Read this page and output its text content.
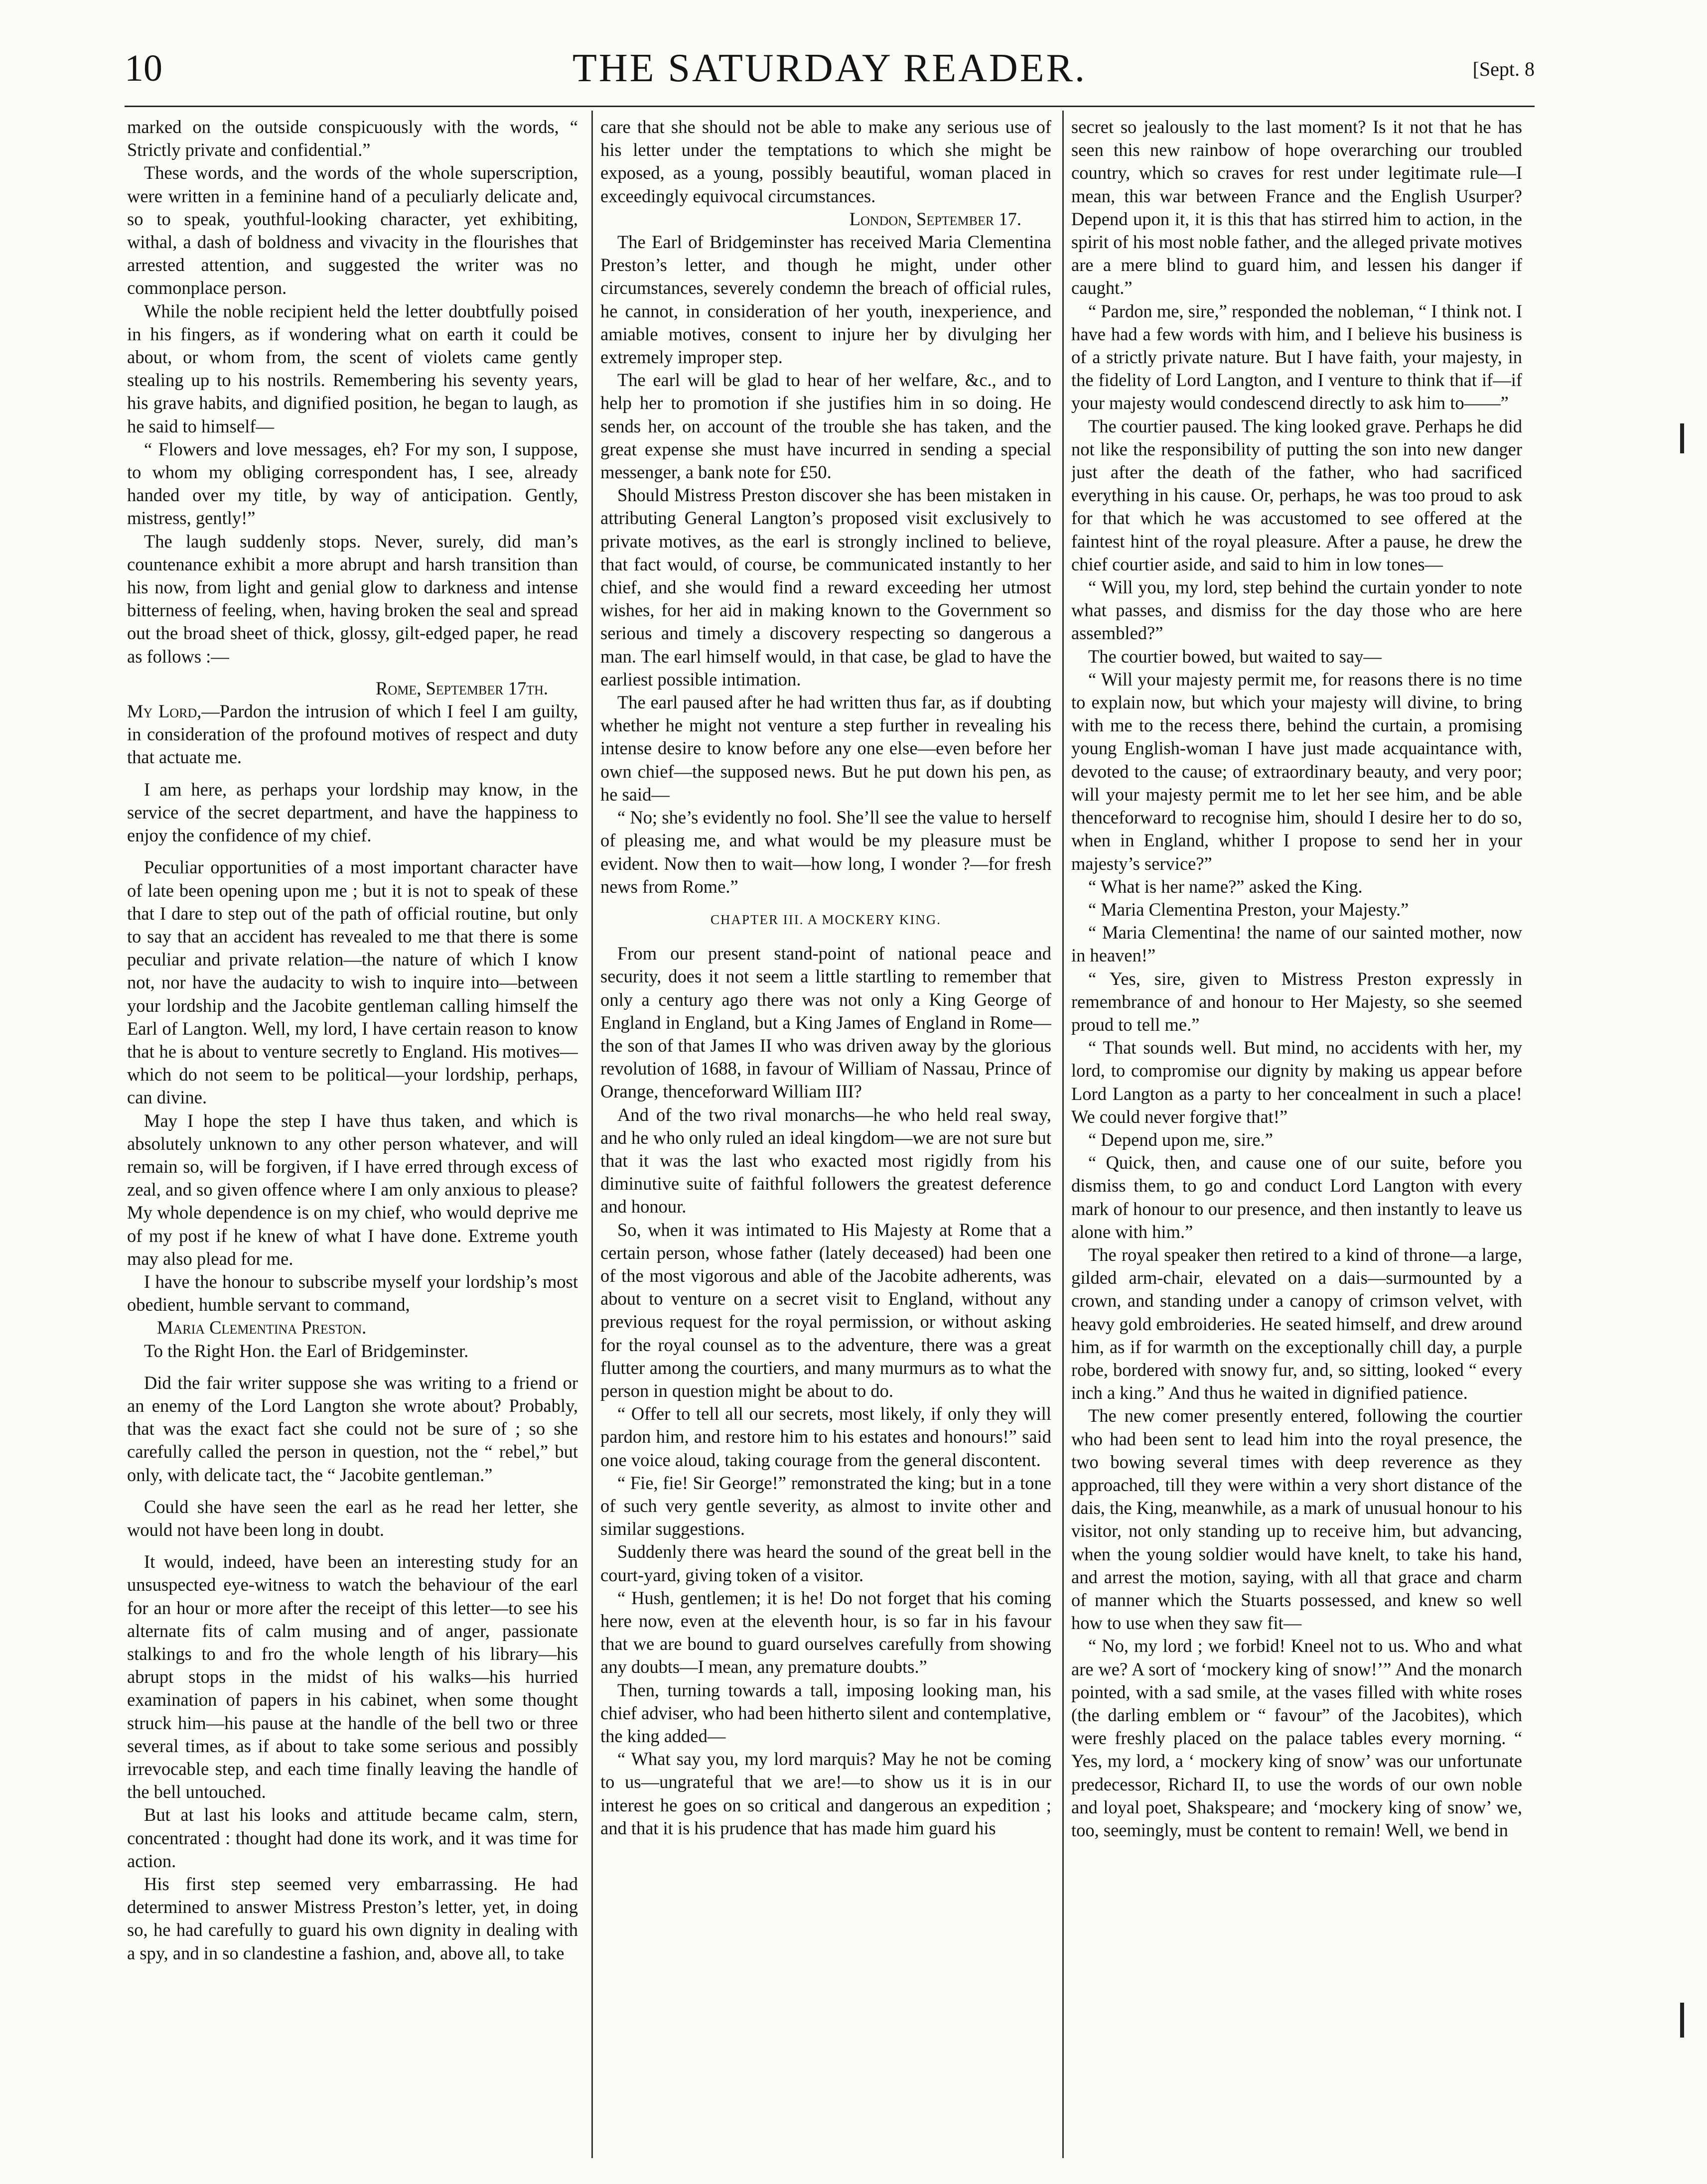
10	THE SATURDAY READER.	[Sept. 8

marked on the outside conspicuously with the words, “ Strictly private and confidential.”

These words, and the words of the whole superscription, were written in a feminine hand of a peculiarly delicate and, so to speak, youthful-looking character, yet exhibiting, withal, a dash of boldness and vivacity in the flourishes that arrested attention, and suggested the writer was no commonplace person.

While the noble recipient held the letter doubtfully poised in his fingers, as if wondering what on earth it could be about, or whom from, the scent of violets came gently stealing up to his nostrils. Remembering his seventy years, his grave habits, and dignified position, he began to laugh, as he said to himself—

“ Flowers and love messages, eh? For my son, I suppose, to whom my obliging correspondent has, I see, already handed over my title, by way of anticipation. Gently, mistress, gently!”

The laugh suddenly stops. Never, surely, did man’s countenance exhibit a more abrupt and harsh transition than his now, from light and genial glow to darkness and intense bitterness of feeling, when, having broken the seal and spread out the broad sheet of thick, glossy, gilt-edged paper, he read as follows :—

Rome, September 17th.

My Lord,—Pardon the intrusion of which I feel I am guilty, in consideration of the profound motives of respect and duty that actuate me.

I am here, as perhaps your lordship may know, in the service of the secret department, and have the happiness to enjoy the confidence of my chief.

Peculiar opportunities of a most important character have of late been opening upon me ; but it is not to speak of these that I dare to step out of the path of official routine, but only to say that an accident has revealed to me that there is some peculiar and private relation—the nature of which I know not, nor have the audacity to wish to inquire into—between your lordship and the Jacobite gentleman calling himself the Earl of Langton. Well, my lord, I have certain reason to know that he is about to venture secretly to England. His motives—which do not seem to be political—your lordship, perhaps, can divine.

May I hope the step I have thus taken, and which is absolutely unknown to any other person whatever, and will remain so, will be forgiven, if I have erred through excess of zeal, and so given offence where I am only anxious to please? My whole dependence is on my chief, who would deprive me of my post if he knew of what I have done. Extreme youth may also plead for me.

I have the honour to subscribe myself your lordship’s most obedient, humble servant to command,

Maria Clementina Preston.

To the Right Hon. the Earl of Bridgeminster.

Did the fair writer suppose she was writing to a friend or an enemy of the Lord Langton she wrote about? Probably, that was the exact fact she could not be sure of ; so she carefully called the person in question, not the “ rebel,” but only, with delicate tact, the “ Jacobite gentleman.”

Could she have seen the earl as he read her letter, she would not have been long in doubt.

It would, indeed, have been an interesting study for an unsuspected eye-witness to watch the behaviour of the earl for an hour or more after the receipt of this letter—to see his alternate fits of calm musing and of anger, passionate stalkings to and fro the whole length of his library—his abrupt stops in the midst of his walks—his hurried examination of papers in his cabinet, when some thought struck him—his pause at the handle of the bell two or three several times, as if about to take some serious and possibly irrevocable step, and each time finally leaving the handle of the bell untouched.

But at last his looks and attitude became calm, stern, concentrated : thought had done its work, and it was time for action.

His first step seemed very embarrassing. He had determined to answer Mistress Preston’s letter, yet, in doing so, he had carefully to guard his own dignity in dealing with a spy, and in so clandestine a fashion, and, above all, to take

care that she should not be able to make any serious use of his letter under the temptations to which she might be exposed, as a young, possibly beautiful, woman placed in exceedingly equivocal circumstances.

London, September 17.

The Earl of Bridgeminster has received Maria Clementina Preston’s letter, and though he might, under other circumstances, severely condemn the breach of official rules, he cannot, in consideration of her youth, inexperience, and amiable motives, consent to injure her by divulging her extremely improper step.

The earl will be glad to hear of her welfare, &c., and to help her to promotion if she justifies him in so doing. He sends her, on account of the trouble she has taken, and the great expense she must have incurred in sending a special messenger, a bank note for £50.

Should Mistress Preston discover she has been mistaken in attributing General Langton’s proposed visit exclusively to private motives, as the earl is strongly inclined to believe, that fact would, of course, be communicated instantly to her chief, and she would find a reward exceeding her utmost wishes, for her aid in making known to the Government so serious and timely a discovery respecting so dangerous a man. The earl himself would, in that case, be glad to have the earliest possible intimation.

The earl paused after he had written thus far, as if doubting whether he might not venture a step further in revealing his intense desire to know before any one else—even before her own chief—the supposed news. But he put down his pen, as he said—

“ No; she’s evidently no fool. She’ll see the value to herself of pleasing me, and what would be my pleasure must be evident. Now then to wait—how long, I wonder ?—for fresh news from Rome.”

CHAPTER III. A MOCKERY KING.

From our present stand-point of national peace and security, does it not seem a little startling to remember that only a century ago there was not only a King George of England in England, but a King James of England in Rome—the son of that James II who was driven away by the glorious revolution of 1688, in favour of William of Nassau, Prince of Orange, thenceforward William III?

And of the two rival monarchs—he who held real sway, and he who only ruled an ideal kingdom—we are not sure but that it was the last who exacted most rigidly from his diminutive suite of faithful followers the greatest deference and honour.

So, when it was intimated to His Majesty at Rome that a certain person, whose father (lately deceased) had been one of the most vigorous and able of the Jacobite adherents, was about to venture on a secret visit to England, without any previous request for the royal permission, or without asking for the royal counsel as to the adventure, there was a great flutter among the courtiers, and many murmurs as to what the person in question might be about to do.

“ Offer to tell all our secrets, most likely, if only they will pardon him, and restore him to his estates and honours!” said one voice aloud, taking courage from the general discontent.

“ Fie, fie! Sir George!” remonstrated the king; but in a tone of such very gentle severity, as almost to invite other and similar suggestions.

Suddenly there was heard the sound of the great bell in the court-yard, giving token of a visitor.

“ Hush, gentlemen; it is he! Do not forget that his coming here now, even at the eleventh hour, is so far in his favour that we are bound to guard ourselves carefully from showing any doubts—I mean, any premature doubts.”

Then, turning towards a tall, imposing looking man, his chief adviser, who had been hitherto silent and contemplative, the king added—

“ What say you, my lord marquis? May he not be coming to us—ungrateful that we are!—to show us it is in our interest he goes on so critical and dangerous an expedition ; and that it is his prudence that has made him guard his

secret so jealously to the last moment? Is it not that he has seen this new rainbow of hope overarching our troubled country, which so craves for rest under legitimate rule—I mean, this war between France and the English Usurper? Depend upon it, it is this that has stirred him to action, in the spirit of his most noble father, and the alleged private motives are a mere blind to guard him, and lessen his danger if caught.”

“ Pardon me, sire,” responded the nobleman, “ I think not. I have had a few words with him, and I believe his business is of a strictly private nature. But I have faith, your majesty, in the fidelity of Lord Langton, and I venture to think that if—if your majesty would condescend directly to ask him to——”

The courtier paused. The king looked grave. Perhaps he did not like the responsibility of putting the son into new danger just after the death of the father, who had sacrificed everything in his cause. Or, perhaps, he was too proud to ask for that which he was accustomed to see offered at the faintest hint of the royal pleasure. After a pause, he drew the chief courtier aside, and said to him in low tones—

“ Will you, my lord, step behind the curtain yonder to note what passes, and dismiss for the day those who are here assembled?”

The courtier bowed, but waited to say—

“ Will your majesty permit me, for reasons there is no time to explain now, but which your majesty will divine, to bring with me to the recess there, behind the curtain, a promising young English-woman I have just made acquaintance with, devoted to the cause; of extraordinary beauty, and very poor; will your majesty permit me to let her see him, and be able thenceforward to recognise him, should I desire her to do so, when in England, whither I propose to send her in your majesty’s service?”

“ What is her name?” asked the King.

“ Maria Clementina Preston, your Majesty.”

“ Maria Clementina! the name of our sainted mother, now in heaven!”

“ Yes, sire, given to Mistress Preston expressly in remembrance of and honour to Her Majesty, so she seemed proud to tell me.”

“ That sounds well. But mind, no accidents with her, my lord, to compromise our dignity by making us appear before Lord Langton as a party to her concealment in such a place! We could never forgive that!”

“ Depend upon me, sire.”

“ Quick, then, and cause one of our suite, before you dismiss them, to go and conduct Lord Langton with every mark of honour to our presence, and then instantly to leave us alone with him.”

The royal speaker then retired to a kind of throne—a large, gilded arm-chair, elevated on a dais—surmounted by a crown, and standing under a canopy of crimson velvet, with heavy gold embroideries. He seated himself, and drew around him, as if for warmth on the exceptionally chill day, a purple robe, bordered with snowy fur, and, so sitting, looked “ every inch a king.” And thus he waited in dignified patience.

The new comer presently entered, following the courtier who had been sent to lead him into the royal presence, the two bowing several times with deep reverence as they approached, till they were within a very short distance of the dais, the King, meanwhile, as a mark of unusual honour to his visitor, not only standing up to receive him, but advancing, when the young soldier would have knelt, to take his hand, and arrest the motion, saying, with all that grace and charm of manner which the Stuarts possessed, and knew so well how to use when they saw fit—

“ No, my lord ; we forbid! Kneel not to us. Who and what are we? A sort of ‘mockery king of snow!’” And the monarch pointed, with a sad smile, at the vases filled with white roses (the darling emblem or “ favour” of the Jacobites), which were freshly placed on the palace tables every morning. “ Yes, my lord, a ‘ mockery king of snow’ was our unfortunate predecessor, Richard II, to use the words of our own noble and loyal poet, Shakspeare; and ‘mockery king of snow’ we, too, seemingly, must be content to remain! Well, we bend in
